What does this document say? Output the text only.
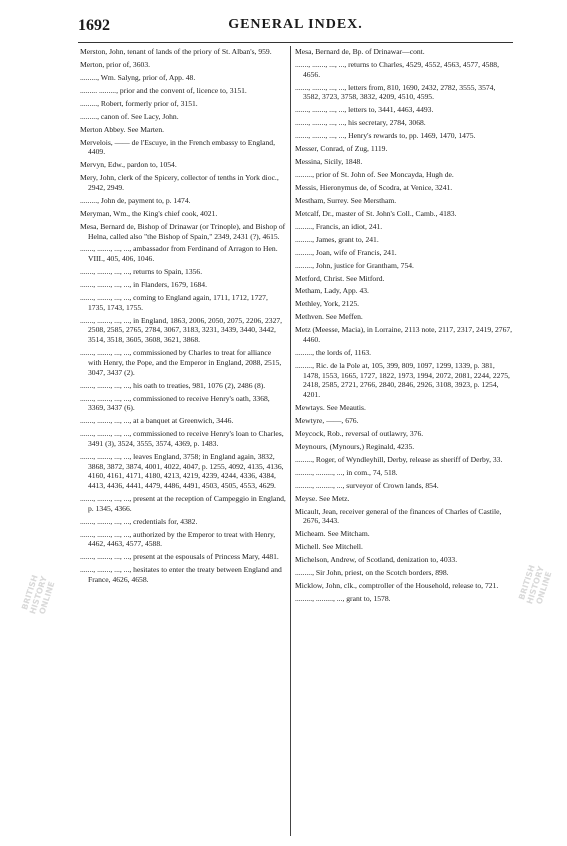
1692	GENERAL INDEX.

Merston, John, tenant of lands of the priory of St. Alban's, 959.

Merton, prior of, 3603.

........., Wm. Salyng, prior of, App. 48.

......... ........., prior and the convent of, licence to, 3151.

........., Robert, formerly prior of, 3151.

........., canon of. See Lacy, John.

Merton Abbey. See Marten.

Mervelois, —— de l'Escuye, in the French embassy to England, 4409.

Mervyn, Edw., pardon to, 1054.

Mery, John, clerk of the Spicery, collector of tenths in York dioc., 2942, 2949.

........., John de, payment to, p. 1474.

Meryman, Wm., the King's chief cook, 4021.

Mesa, Bernard de, Bishop of Drinawar (or Trinople), and Bishop of Helna, called also "the Bishop of Spain," 2349, 2431 (?), 4615.

......., ......., ..., ..., ambassador from Ferdinand of Arragon to Hen. VIII., 405, 406, 1046.

......., ......., ..., ..., returns to Spain, 1356.

......., ......., ..., ..., in Flanders, 1679, 1684.

......., ......., ..., ..., coming to England again, 1711, 1712, 1727, 1735, 1743, 1755.

......., ......., ..., ..., in England, 1863, 2006, 2050, 2075, 2206, 2327, 2508, 2585, 2765, 2784, 3067, 3183, 3231, 3439, 3440, 3442, 3514, 3518, 3605, 3608, 3621, 3868.

......., ......., ..., ..., commissioned by Charles to treat for alliance with Henry, the Pope, and the Emperor in England, 2088, 2515, 3047, 3437 (2).

......., ......., ..., ..., his oath to treaties, 981, 1076 (2), 2486 (8).

......., ......., ..., ..., commissioned to receive Henry's oath, 3368, 3369, 3437 (6).

......., ......., ..., ..., at a banquet at Greenwich, 3446.

......., ......., ..., ..., commissioned to receive Henry's loan to Charles, 3491 (3), 3524, 3555, 3574, 4369, p. 1483.

......., ......., ..., ..., leaves England, 3758; in England again, 3832, 3868, 3872, 3874, 4001, 4022, 4047, p. 1255, 4092, 4135, 4136, 4160, 4161, 4171, 4180, 4213, 4219, 4239, 4244, 4336, 4384, 4413, 4436, 4441, 4479, 4486, 4491, 4503, 4505, 4553, 4629.

......., ......., ..., ..., present at the reception of Campeggio in England, p. 1345, 4366.

......., ......., ..., ..., credentials for, 4382.

......., ......., ..., ..., authorized by the Emperor to treat with Henry, 4462, 4463, 4577, 4588.

......., ......., ..., ..., present at the espousals of Princess Mary, 4481.

......., ......., ..., ..., hesitates to enter the treaty between England and France, 4626, 4658.

Mesa, Bernard de, Bp. of Drinawar—cont.

......., ......., ..., ..., returns to Charles, 4529, 4552, 4563, 4577, 4588, 4656.

......., ......., ..., ..., letters from, 810, 1690, 2432, 2782, 3555, 3574, 3582, 3723, 3758, 3832, 4209, 4510, 4595.

......., ......., ..., ..., letters to, 3441, 4463, 4493.

......., ......., ..., ..., his secretary, 2784, 3068.

......., ......., ..., ..., Henry's rewards to, pp. 1469, 1470, 1475.

Messer, Conrad, of Zug, 1119.

Messina, Sicily, 1848.

........., prior of St. John of. See Moncayda, Hugh de.

Messis, Hieronymus de, of Scodra, at Venice, 3241.

Mestham, Surrey. See Merstham.

Metcalf, Dr., master of St. John's Coll., Camb., 4183.

........., Francis, an idiot, 241.

........., James, grant to, 241.

........., Joan, wife of Francis, 241.

........., John, justice for Grantham, 754.

Metford, Christ. See Mitford.

Metham, Lady, App. 43.

Methley, York, 2125.

Methven. See Meffen.

Metz (Meesse, Macia), in Lorraine, 2113 note, 2117, 2317, 2419, 2767, 4460.

........., the lords of, 1163.

........., Ric. de la Pole at, 105, 399, 809, 1097, 1299, 1339, p. 381, 1478, 1553, 1665, 1727, 1822, 1973, 1994, 2072, 2081, 2244, 2275, 2418, 2585, 2721, 2766, 2840, 2846, 2926, 3108, 3923, p. 1254, 4201.

Mewtays. See Meautis.

Mewtyre, ——, 676.

Meycock, Rob., reversal of outlawry, 376.

Meynours, (Mynours,) Reginald, 4235.

........., Roger, of Wyndleyhill, Derby, release as sheriff of Derby, 33.

........., ........., ..., in com., 74, 518.

........., ........., ..., surveyor of Crown lands, 854.

Meyse. See Metz.

Micault, Jean, receiver general of the finances of Charles of Castile, 2676, 3443.

Micheam. See Mitcham.

Michell. See Mitchell.

Michelson, Andrew, of Scotland, denization to, 4033.

........., Sir John, priest, on the Scotch borders, 898.

Micklow, John, clk., comptroller of the Household, release to, 721.

........., ........., ..., grant to, 1578.

BRITISH HISTORY ONLINE	BRITISH HISTORY ONLINE
